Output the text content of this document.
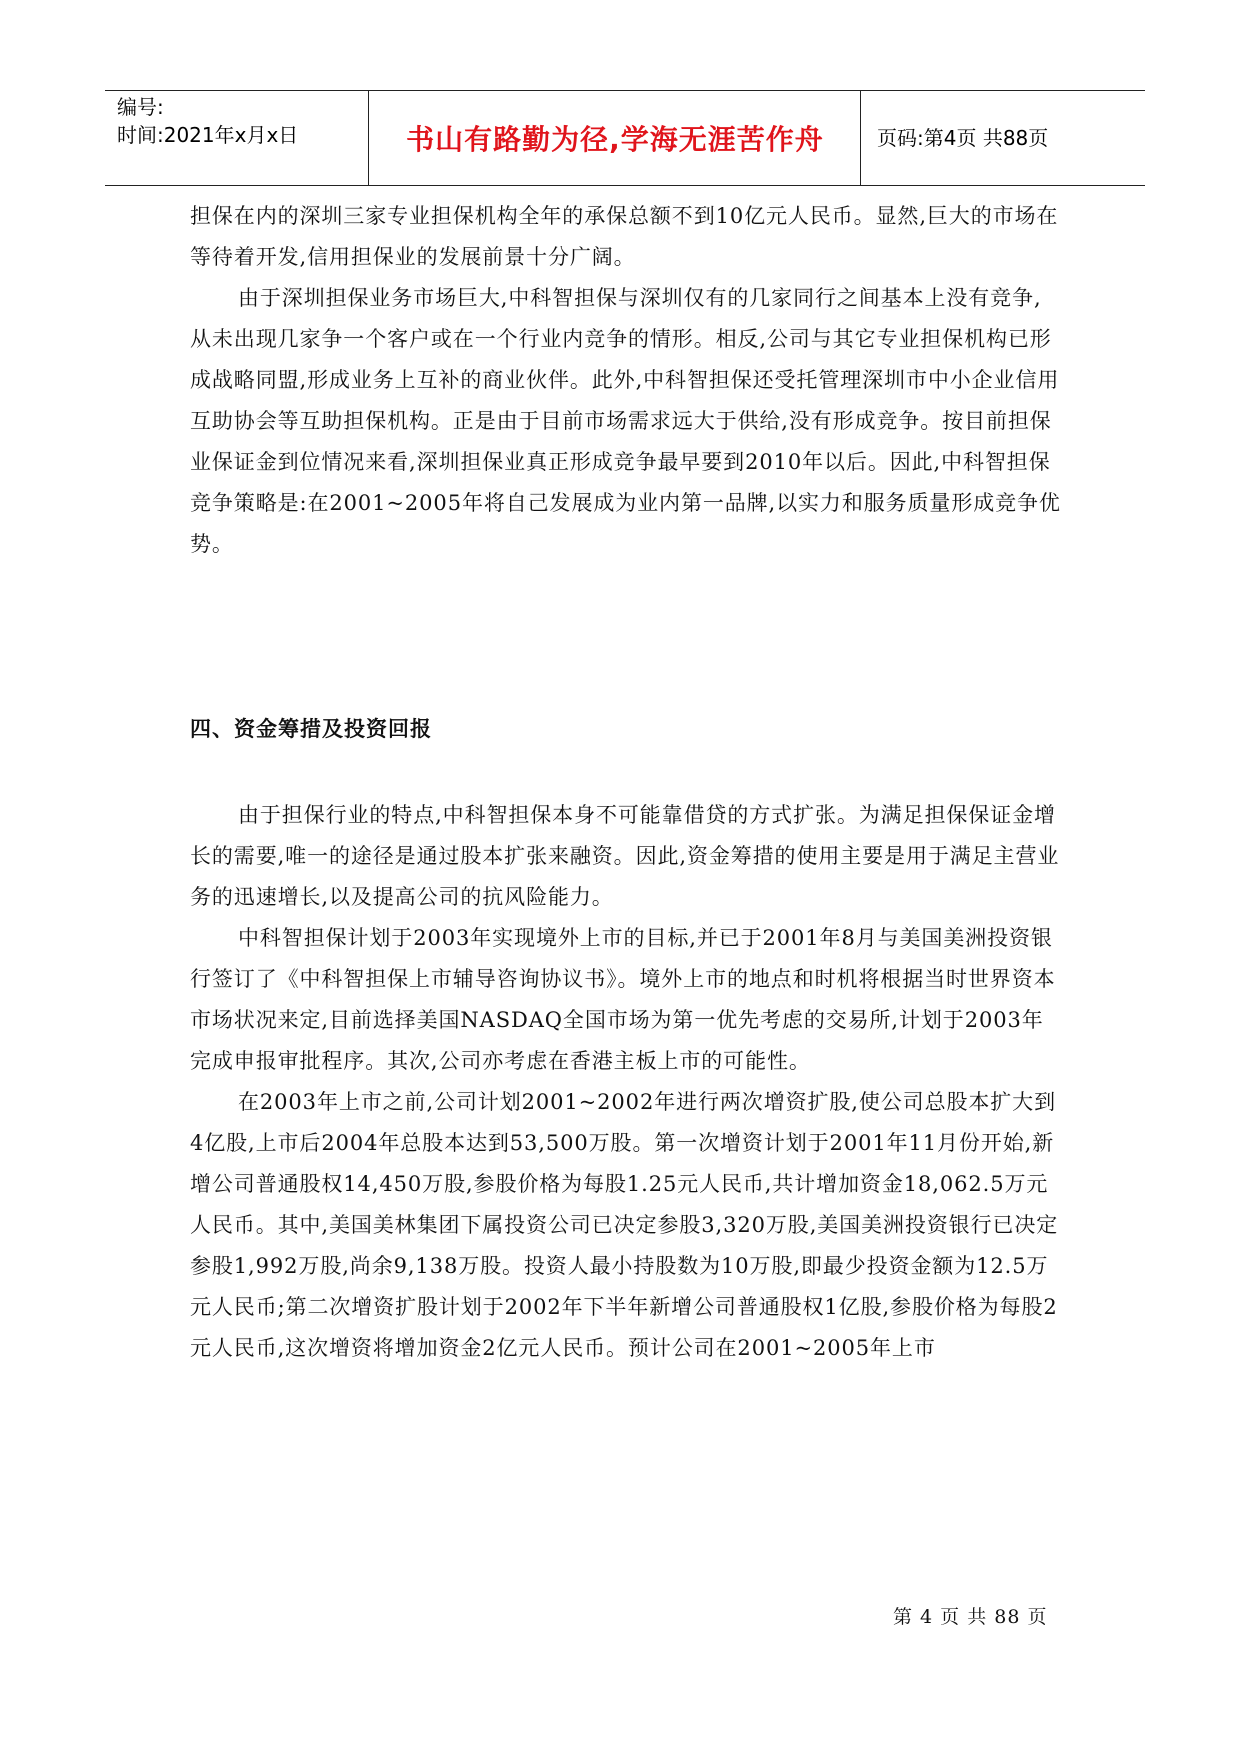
编号:
时间:2021年x月x日	书山有路勤为径,学海无涯苦作舟	页码:第4页 共88页

担保在内的深圳三家专业担保机构全年的承保总额不到10亿元人民币。显然,巨大的市场在等待着开发,信用担保业的发展前景十分广阔。

由于深圳担保业务市场巨大,中科智担保与深圳仅有的几家同行之间基本上没有竞争,从未出现几家争一个客户或在一个行业内竞争的情形。相反,公司与其它专业担保机构已形成战略同盟,形成业务上互补的商业伙伴。此外,中科智担保还受托管理深圳市中小企业信用互助协会等互助担保机构。正是由于目前市场需求远大于供给,没有形成竞争。按目前担保业保证金到位情况来看,深圳担保业真正形成竞争最早要到2010年以后。因此,中科智担保竞争策略是:在2001~2005年将自己发展成为业内第一品牌,以实力和服务质量形成竞争优势。

四、资金筹措及投资回报

由于担保行业的特点,中科智担保本身不可能靠借贷的方式扩张。为满足担保保证金增长的需要,唯一的途径是通过股本扩张来融资。因此,资金筹措的使用主要是用于满足主营业务的迅速增长,以及提高公司的抗风险能力。

中科智担保计划于2003年实现境外上市的目标,并已于2001年8月与美国美洲投资银行签订了《中科智担保上市辅导咨询协议书》。境外上市的地点和时机将根据当时世界资本市场状况来定,目前选择美国NASDAQ全国市场为第一优先考虑的交易所,计划于2003年完成申报审批程序。其次,公司亦考虑在香港主板上市的可能性。

在2003年上市之前,公司计划2001~2002年进行两次增资扩股,使公司总股本扩大到4亿股,上市后2004年总股本达到53,500万股。第一次增资计划于2001年11月份开始,新增公司普通股权14,450万股,参股价格为每股1.25元人民币,共计增加资金18,062.5万元人民币。其中,美国美林集团下属投资公司已决定参股3,320万股,美国美洲投资银行已决定参股1,992万股,尚余9,138万股。投资人最小持股数为10万股,即最少投资金额为12.5万元人民币;第二次增资扩股计划于2002年下半年新增公司普通股权1亿股,参股价格为每股2元人民币,这次增资将增加资金2亿元人民币。预计公司在2001~2005年上市

第 4 页 共 88 页
